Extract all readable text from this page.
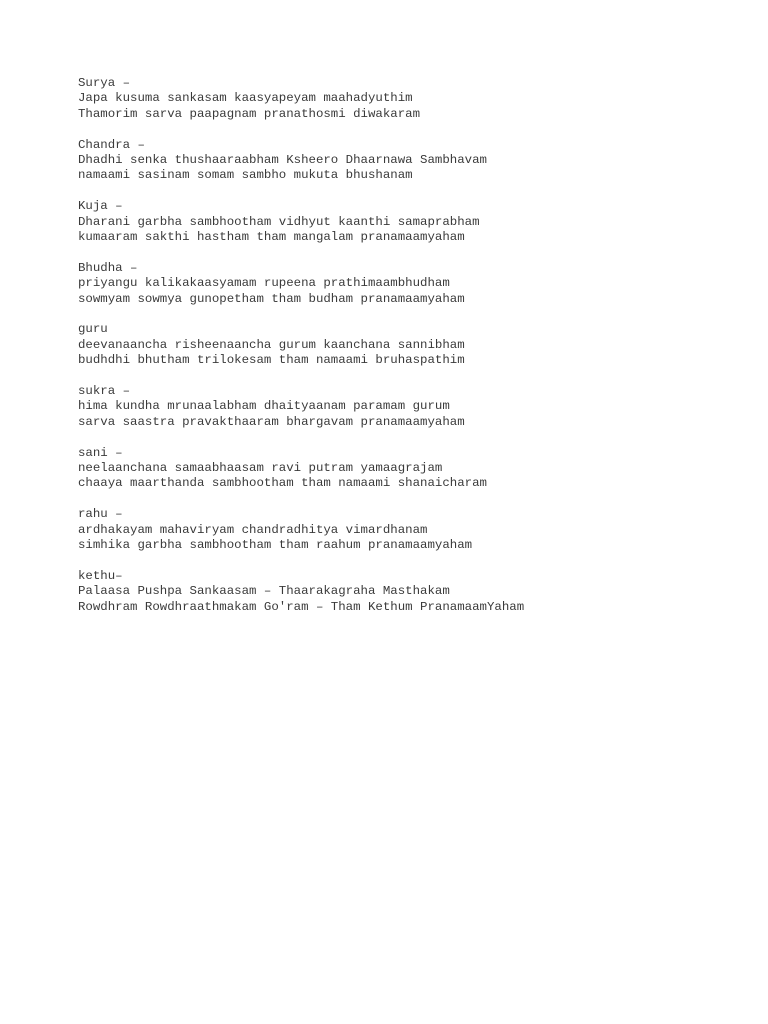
Surya –
Japa kusuma sankasam kaasyapeyam maahadyuthim
Thamorim sarva paapagnam pranathosmi diwakaram
Chandra –
Dhadhi senka thushaaraabham Ksheero Dhaarnawa Sambhavam
namaami sasinam somam sambho mukuta bhushanam
Kuja –
Dharani garbha sambhootham vidhyut kaanthi samaprabham
kumaaram sakthi hastham tham mangalam pranamaamyaham
Bhudha –
priyangu kalikakaasyamam rupeena prathimaambhudham
sowmyam sowmya gunopetham tham budham pranamaamyaham
guru
deevanaancha risheenaancha gurum kaanchana sannibham
budhdhi bhutham trilokesam tham namaami bruhaspathim
sukra –
hima kundha mrunaalabham dhaityaanam paramam gurum
sarva saastra pravakthaaram bhargavam pranamaamyaham
sani –
neelaanchana samaabhaasam ravi putram yamaagrajam
chaaya maarthanda sambhootham tham namaami shanaicharam
rahu –
ardhakayam mahaviryam chandradhitya vimardhanam
simhika garbha sambhootham tham raahum pranamaamyaham
kethu–
Palaasa Pushpa Sankaasam – Thaarakagraha Masthakam
Rowdhram Rowdhraathmakam Go'ram – Tham Kethum PranamaamYaham
